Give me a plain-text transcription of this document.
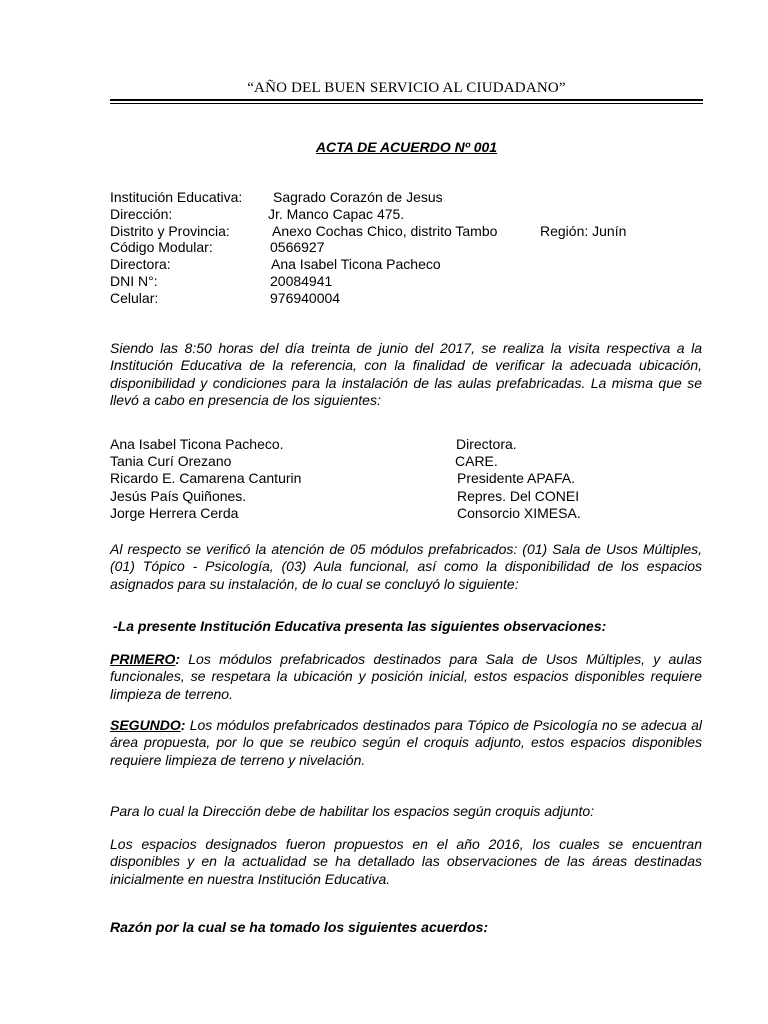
“AÑO DEL BUEN SERVICIO AL CIUDADANO”
ACTA DE ACUERDO Nº 001
Institución Educativa: Sagrado Corazón de Jesus
Dirección:	Jr. Manco Capac 475.
Distrito y Provincia:	Anexo Cochas Chico, distrito Tambo	Región: Junín
Código Modular:	0566927
Directora:	Ana Isabel Ticona Pacheco
DNI N°:	20084941
Celular:	976940004
Siendo las 8:50 horas del día treinta de junio del 2017, se realiza la visita respectiva a la Institución Educativa de la referencia, con la finalidad de verificar la adecuada ubicación, disponibilidad y condiciones para la instalación de las aulas prefabricadas. La misma que se llevó a cabo en presencia de los siguientes:
Ana Isabel Ticona Pacheco.	Directora.
Tania Curí Orezano	CARE.
Ricardo E. Camarena Canturin	Presidente APAFA.
Jesús País Quiñones.	Repres. Del CONEI
Jorge Herrera Cerda	Consorcio XIMESA.
Al respecto se verificó la atención de 05 módulos prefabricados: (01) Sala de Usos Múltiples, (01) Tópico - Psicología, (03) Aula funcional, así como la disponibilidad de los espacios asignados para su instalación, de lo cual se concluyó lo siguiente:
-La presente Institución Educativa presenta las siguientes observaciones:
PRIMERO: Los módulos prefabricados destinados para Sala de Usos Múltiples, y aulas funcionales, se respetara la ubicación y posición inicial, estos espacios disponibles requiere limpieza de terreno.
SEGUNDO: Los módulos prefabricados destinados para Tópico de Psicología no se adecua al área propuesta, por lo que se reubico según el croquis adjunto, estos espacios disponibles requiere limpieza de terreno y nivelación.
Para lo cual la Dirección debe de habilitar los espacios según croquis adjunto:
Los espacios designados fueron propuestos en el año 2016, los cuales se encuentran disponibles y en la actualidad se ha detallado las observaciones de las áreas destinadas inicialmente en nuestra Institución Educativa.
Razón por la cual se ha tomado los siguientes acuerdos:
